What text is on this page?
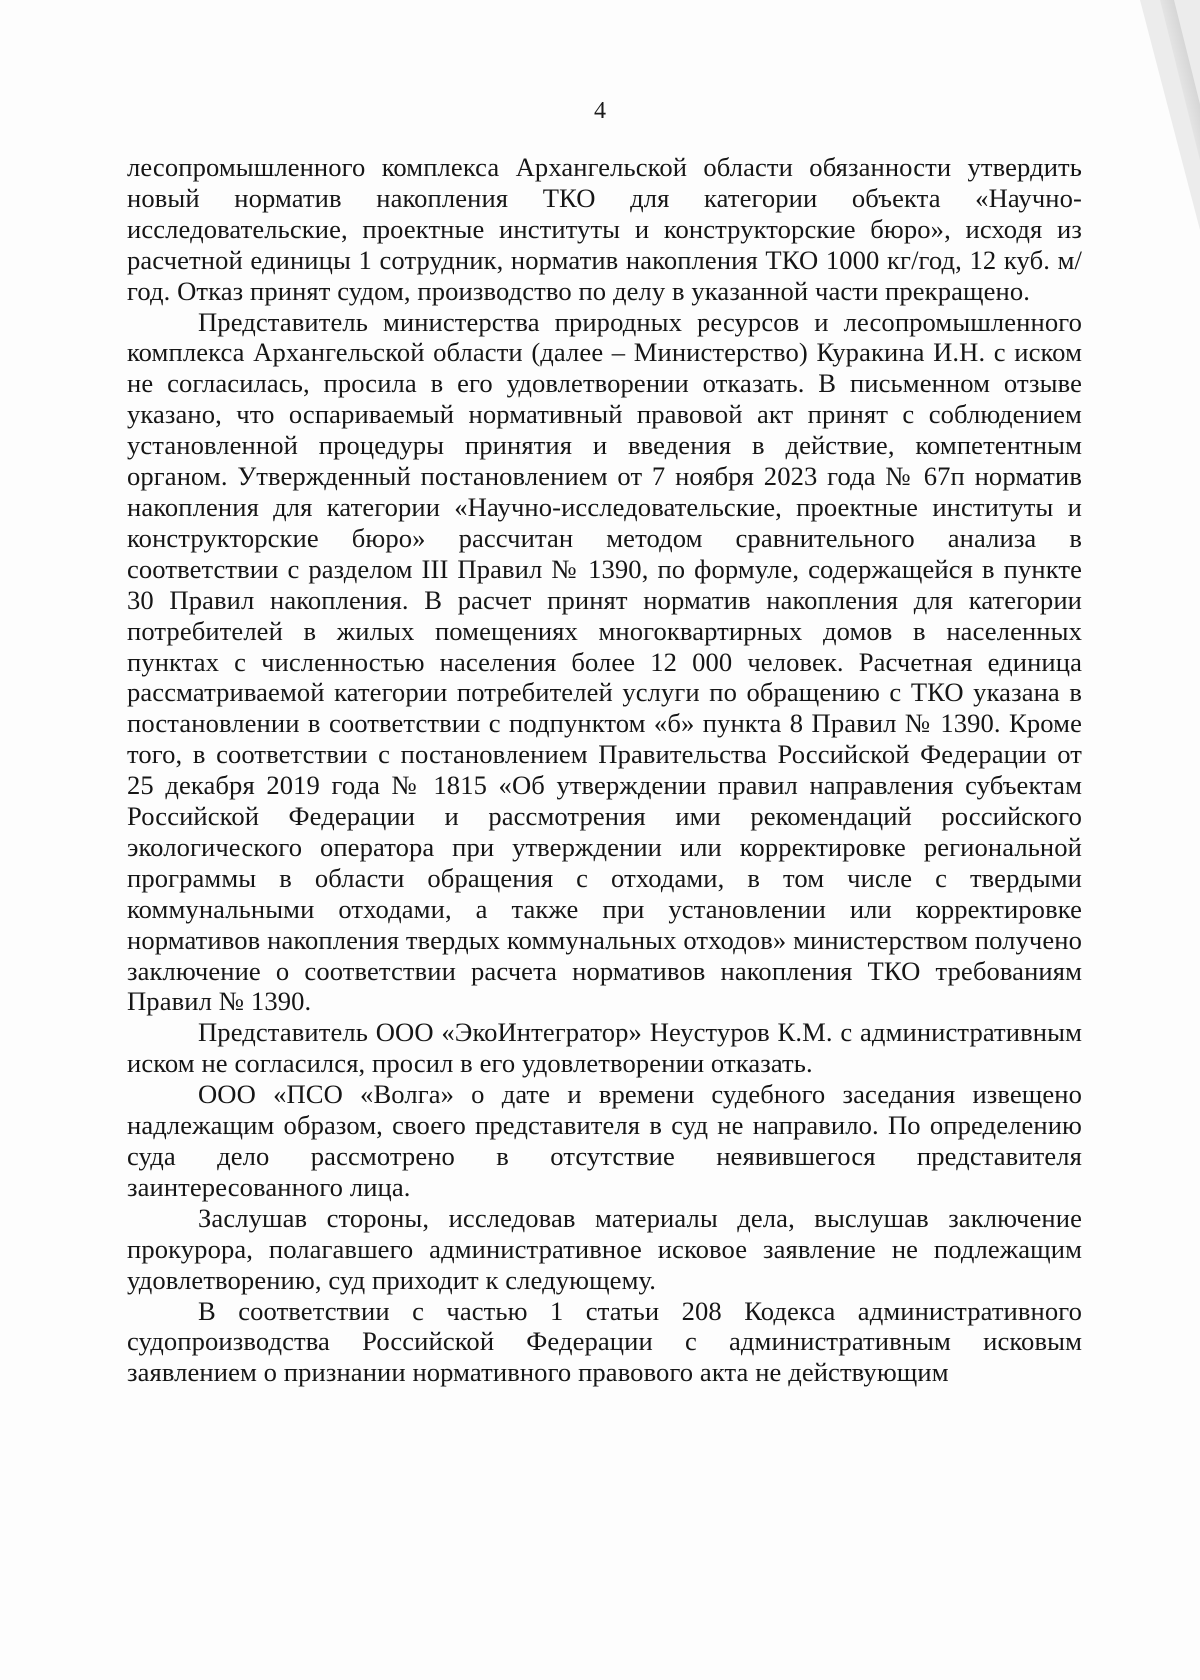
4

лесопромышленного комплекса Архангельской области обязанности утвердить новый норматив накопления ТКО для категории объекта «Научно-исследовательские, проектные институты и конструкторские бюро», исходя из расчетной единицы 1 сотрудник, норматив накопления ТКО 1000 кг/год, 12 куб. м/год. Отказ принят судом, производство по делу в указанной части прекращено.

Представитель министерства природных ресурсов и лесопромышленного комплекса Архангельской области (далее – Министерство) Куракина И.Н. с иском не согласилась, просила в его удовлетворении отказать. В письменном отзыве указано, что оспариваемый нормативный правовой акт принят с соблюдением установленной процедуры принятия и введения в действие, компетентным органом. Утвержденный постановлением от 7 ноября 2023 года № 67п норматив накопления для категории «Научно-исследовательские, проектные институты и конструкторские бюро» рассчитан методом сравнительного анализа в соответствии с разделом III Правил № 1390, по формуле, содержащейся в пункте 30 Правил накопления. В расчет принят норматив накопления для категории потребителей в жилых помещениях многоквартирных домов в населенных пунктах с численностью населения более 12 000 человек. Расчетная единица рассматриваемой категории потребителей услуги по обращению с ТКО указана в постановлении в соответствии с подпунктом «б» пункта 8 Правил № 1390. Кроме того, в соответствии с постановлением Правительства Российской Федерации от 25 декабря 2019 года № 1815 «Об утверждении правил направления субъектам Российской Федерации и рассмотрения ими рекомендаций российского экологического оператора при утверждении или корректировке региональной программы в области обращения с отходами, в том числе с твердыми коммунальными отходами, а также при установлении или корректировке нормативов накопления твердых коммунальных отходов» министерством получено заключение о соответствии расчета нормативов накопления ТКО требованиям Правил № 1390.

Представитель ООО «ЭкоИнтегратор» Неустуров К.М. с административным иском не согласился, просил в его удовлетворении отказать.

ООО «ПСО «Волга» о дате и времени судебного заседания извещено надлежащим образом, своего представителя в суд не направило. По определению суда дело рассмотрено в отсутствие неявившегося представителя заинтересованного лица.

Заслушав стороны, исследовав материалы дела, выслушав заключение прокурора, полагавшего административное исковое заявление не подлежащим удовлетворению, суд приходит к следующему.

В соответствии с частью 1 статьи 208 Кодекса административного судопроизводства Российской Федерации с административным исковым заявлением о признании нормативного правового акта не действующим
